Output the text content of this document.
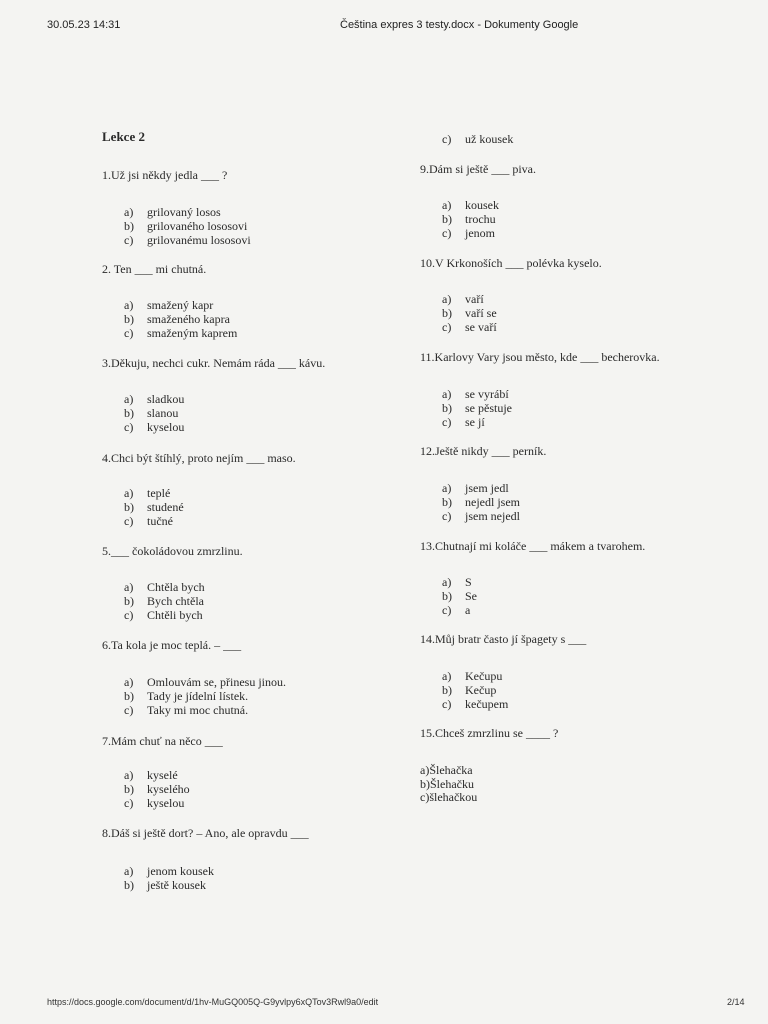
30.05.23 14:31	Čeština expres 3 testy.docx - Dokumenty Google
Lekce 2
1.Už jsi někdy jedla ___ ?
a) grilovaný losos
b) grilovaného lososovi
c) grilovanému lososovi
2. Ten ___ mi chutná.
a) smažený kapr
b) smaženého kapra
c) smaženým kaprem
3.Děkuju, nechci cukr. Nemám ráda ___ kávu.
a) sladkou
b) slanou
c) kyselou
4.Chci být štíhlý, proto nejím ___ maso.
a) teplé
b) studené
c) tučné
5.___ čokoládovou zmrzlinu.
a) Chtěla bych
b) Bych chtěla
c) Chtěli bych
6.Ta kola je moc teplá. – ___
a) Omlouvám se, přinesu jinou.
b) Tady je jídelní lístek.
c) Taky mi moc chutná.
7.Mám chuť na něco ___
a) kyselé
b) kyselého
c) kyselou
8.Dáš si ještě dort? – Ano, ale opravdu ___
a) jenom kousek
b) ještě kousek
c) už kousek
9.Dám si ještě ___ piva.
a) kousek
b) trochu
c) jenom
10.V Krkonoších ___ polévka kyselo.
a) vaří
b) vaří se
c) se vaří
11.Karlovy Vary jsou město, kde ___ becherovka.
a) se vyrábí
b) se pěstuje
c) se jí
12.Ještě nikdy ___ perník.
a) jsem jedl
b) nejedl jsem
c) jsem nejedl
13.Chutnají mi koláče ___ mákem a tvarohem.
a) S
b) Se
c) a
14.Můj bratr často jí špagety s ___
a) Kečupu
b) Kečup
c) kečupem
15.Chceš zmrzlinu se ____ ?
a)Šlehačka
b)Šlehačku
c)šlehačkou
https://docs.google.com/document/d/1hv-MuGQ005Q-G9yvlpy6xQTov3Rwl9a0/edit	2/14
